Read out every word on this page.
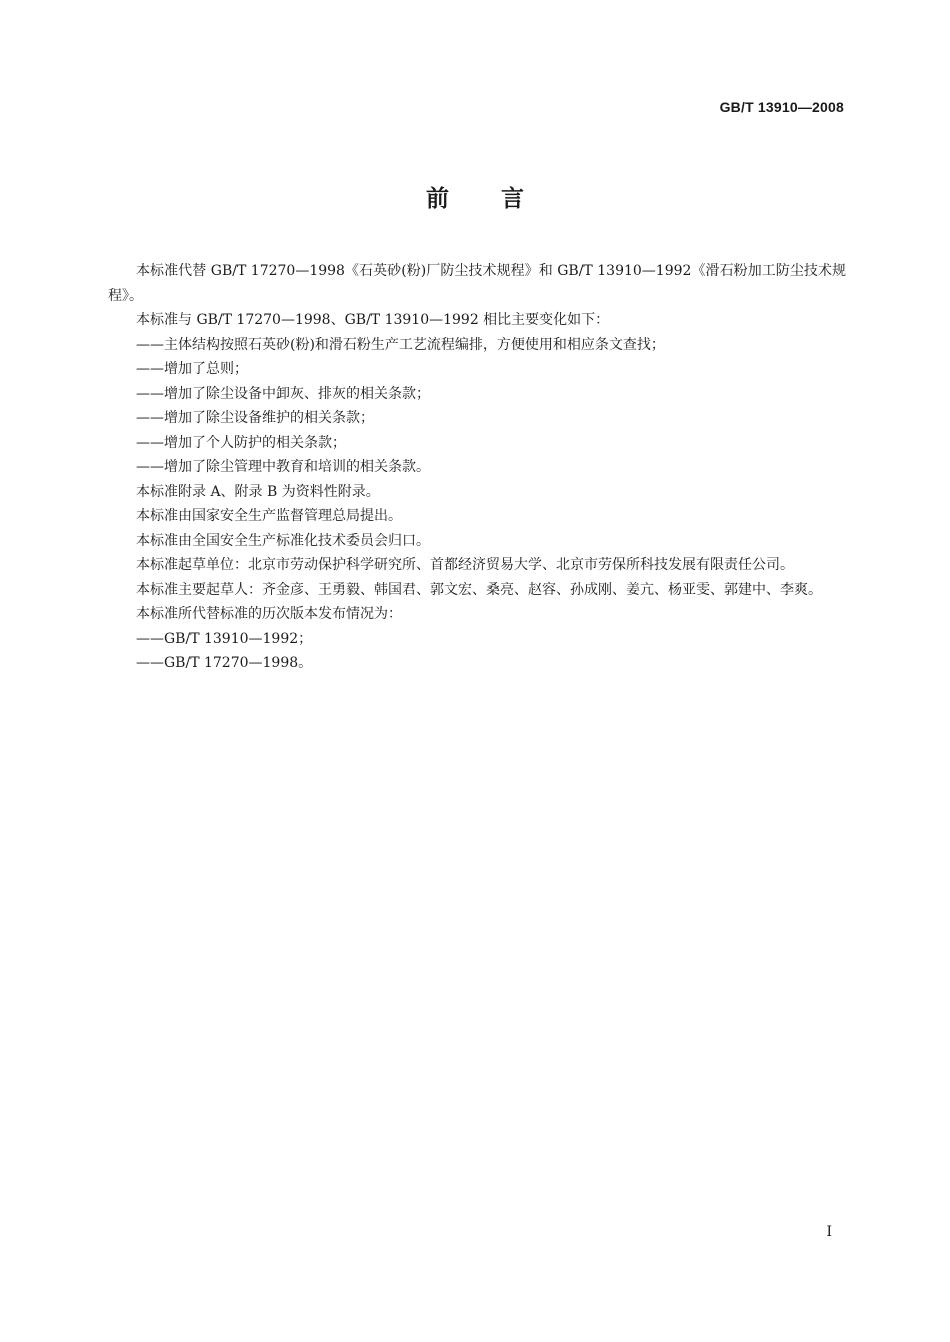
GB/T 13910—2008
前言

本标准代替 GB/T 17270—1998《石英砂(粉)厂防尘技术规程》和 GB/T 13910—1992《滑石粉加工防尘技术规程》。

本标准与 GB/T 17270—1998、GB/T 13910—1992 相比主要变化如下：

——主体结构按照石英砂(粉)和滑石粉生产工艺流程编排，方便使用和相应条文查找；

——增加了总则；

——增加了除尘设备中卸灰、排灰的相关条款；

——增加了除尘设备维护的相关条款；

——增加了个人防护的相关条款；

——增加了除尘管理中教育和培训的相关条款。

本标准附录 A、附录 B 为资料性附录。

本标准由国家安全生产监督管理总局提出。

本标准由全国安全生产标准化技术委员会归口。

本标准起草单位：北京市劳动保护科学研究所、首都经济贸易大学、北京市劳保所科技发展有限责任公司。

本标准主要起草人：齐金彦、王勇毅、韩国君、郭文宏、桑亮、赵容、孙成刚、姜亢、杨亚雯、郭建中、李爽。

本标准所代替标准的历次版本发布情况为：

——GB/T 13910—1992；

——GB/T 17270—1998。

I
